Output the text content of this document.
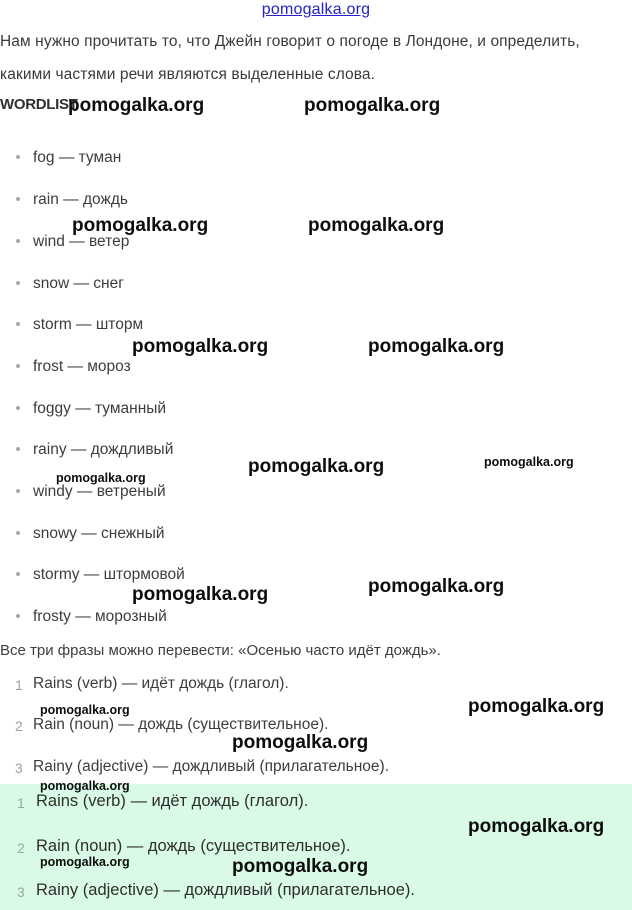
pomogalka.org
Нам нужно прочитать то, что Джейн говорит о погоде в Лондоне, и определить,
какими частями речи являются выделенные слова.
WORDLIST
fog — туман
rain — дождь
wind — ветер
snow — снег
storm — шторм
frost — мороз
foggy — туманный
rainy — дождливый
windy — ветреный
snowy — снежный
stormy — штормовой
frosty — морозный
Все три фразы можно перевести: «Осенью часто идёт дождь».
1 Rains (verb) — идёт дождь (глагол).
2 Rain (noun) — дождь (существительное).
3 Rainy (adjective) — дождливый (прилагательное).
1 Rains (verb) — идёт дождь (глагол).
2 Rain (noun) — дождь (существительное).
3 Rainy (adjective) — дождливый (прилагательное).
pomogalka.org	pomogalka.org
pomogalka.org	pomogalka.org
pomogalka.org	pomogalka.org
pomogalka.org
pomogalka.org
pomogalka.org
pomogalka.org	pomogalka.org
pomogalka.org	pomogalka.org
pomogalka.org
pomogalka.org
pomogalka.org
pomogalka.org	pomogalka.org
